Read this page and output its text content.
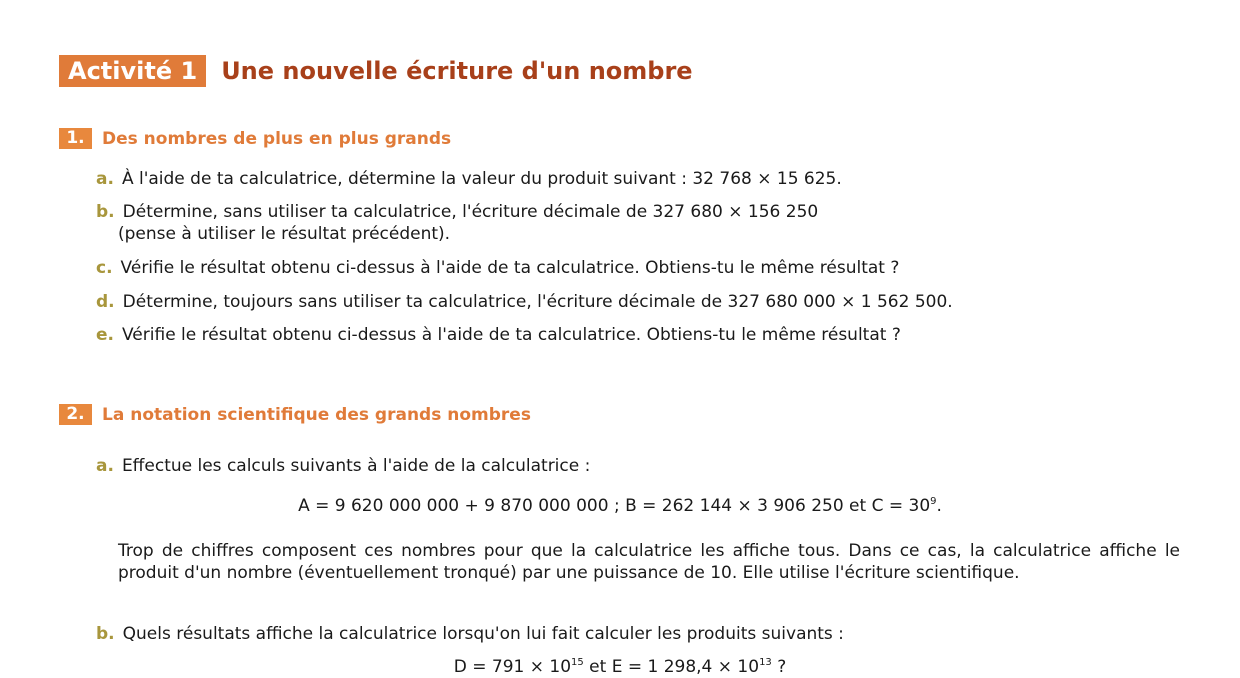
Activité 1	Une nouvelle écriture d'un nombre
1.	Des nombres de plus en plus grands
a. À l'aide de ta calculatrice, détermine la valeur du produit suivant : 32 768 × 15 625.
b. Détermine, sans utiliser ta calculatrice, l'écriture décimale de 327 680 × 156 250
(pense à utiliser le résultat précédent).
c. Vérifie le résultat obtenu ci-dessus à l'aide de ta calculatrice. Obtiens-tu le même résultat ?
d. Détermine, toujours sans utiliser ta calculatrice, l'écriture décimale de 327 680 000 × 1 562 500.
e. Vérifie le résultat obtenu ci-dessus à l'aide de ta calculatrice. Obtiens-tu le même résultat ?
2.	La notation scientifique des grands nombres
a. Effectue les calculs suivants à l'aide de la calculatrice :
A = 9 620 000 000 + 9 870 000 000 ; B = 262 144 × 3 906 250 et $C = 30^9$.
Trop de chiffres composent ces nombres pour que la calculatrice les affiche tous. Dans ce cas, la calculatrice affiche le produit d'un nombre (éventuellement tronqué) par une puissance de 10. Elle utilise l'écriture scientifique.
b. Quels résultats affiche la calculatrice lorsqu'on lui fait calculer les produits suivants :
$D = 791 \times 10^{15}$ et E = 1 $298,4 \times 10^{13}$ ?
